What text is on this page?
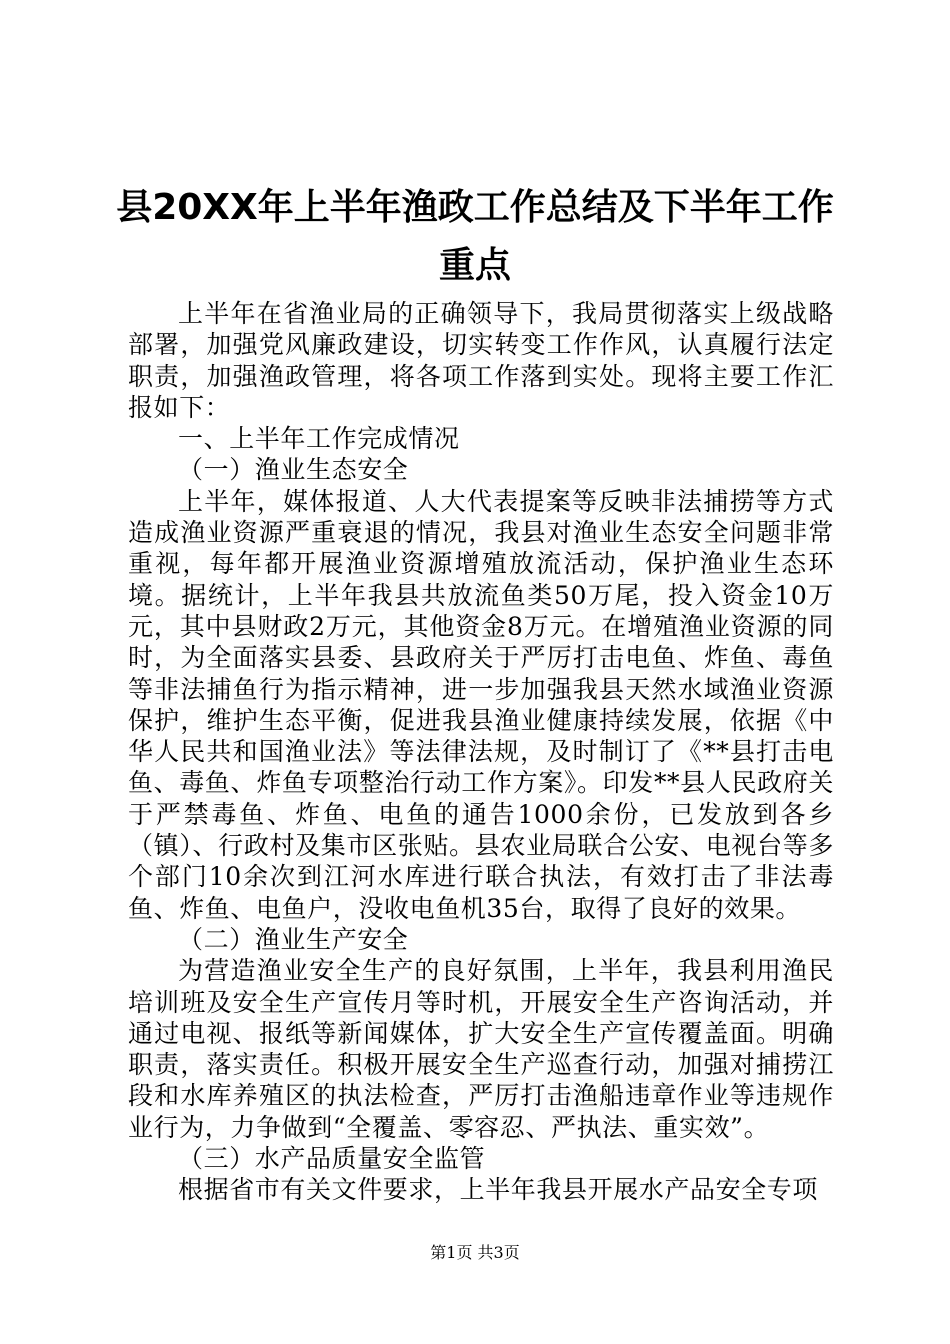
县20XX年上半年渔政工作总结及下半年工作
重点

上半年在省渔业局的正确领导下，我局贯彻落实上级战略部署，加强党风廉政建设，切实转变工作作风，认真履行法定职责，加强渔政管理，将各项工作落到实处。现将主要工作汇报如下：

一、上半年工作完成情况

（一）渔业生态安全

上半年，媒体报道、人大代表提案等反映非法捕捞等方式造成渔业资源严重衰退的情况，我县对渔业生态安全问题非常重视，每年都开展渔业资源增殖放流活动，保护渔业生态环境。据统计，上半年我县共放流鱼类50万尾，投入资金10万元，其中县财政2万元，其他资金8万元。在增殖渔业资源的同时，为全面落实县委、县政府关于严厉打击电鱼、炸鱼、毒鱼等非法捕鱼行为指示精神，进一步加强我县天然水域渔业资源保护，维护生态平衡，促进我县渔业健康持续发展，依据《中华人民共和国渔业法》等法律法规，及时制订了《**县打击电鱼、毒鱼、炸鱼专项整治行动工作方案》。印发**县人民政府关于严禁毒鱼、炸鱼、电鱼的通告1000余份，已发放到各乡（镇）、行政村及集市区张贴。县农业局联合公安、电视台等多个部门10余次到江河水库进行联合执法，有效打击了非法毒鱼、炸鱼、电鱼户，没收电鱼机35台，取得了良好的效果。

（二）渔业生产安全

为营造渔业安全生产的良好氛围，上半年，我县利用渔民培训班及安全生产宣传月等时机，开展安全生产咨询活动，并通过电视、报纸等新闻媒体，扩大安全生产宣传覆盖面。明确职责，落实责任。积极开展安全生产巡查行动，加强对捕捞江段和水库养殖区的执法检查，严厉打击渔船违章作业等违规作业行为，力争做到“全覆盖、零容忍、严执法、重实效”。

（三）水产品质量安全监管

根据省市有关文件要求，上半年我县开展水产品安全专项

第1页 共3页
